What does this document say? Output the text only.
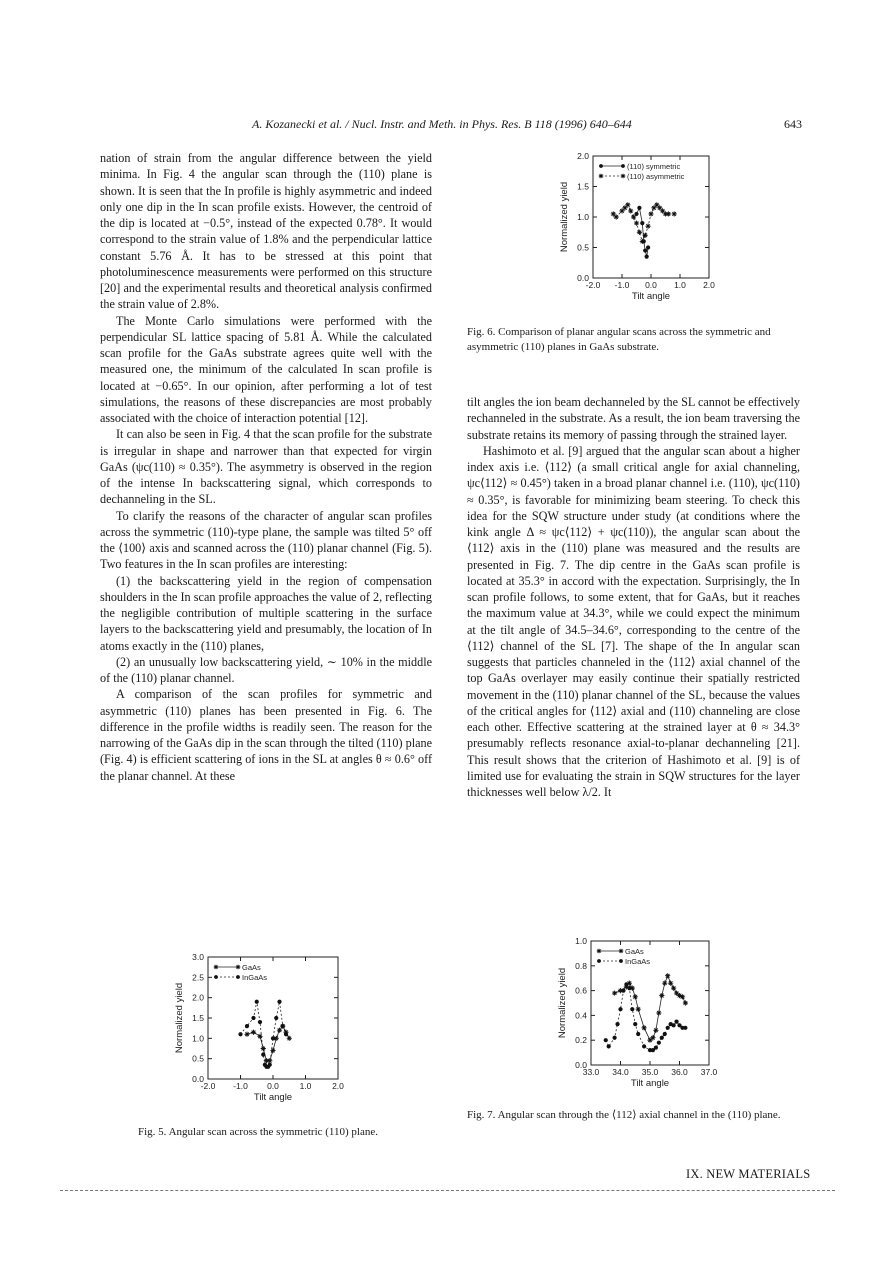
A. Kozanecki et al. / Nucl. Instr. and Meth. in Phys. Res. B 118 (1996) 640–644	643

nation of strain from the angular difference between the yield minima. In Fig. 4 the angular scan through the (110) plane is shown. It is seen that the In profile is highly asymmetric and indeed only one dip in the In scan profile exists. However, the centroid of the dip is located at −0.5°, instead of the expected 0.78°. It would correspond to the strain value of 1.8% and the perpendicular lattice constant 5.76 Å. It has to be stressed at this point that photoluminescence measurements were performed on this structure [20] and the experimental results and theoretical analysis confirmed the strain value of 2.8%.

The Monte Carlo simulations were performed with the perpendicular SL lattice spacing of 5.81 Å. While the calculated scan profile for the GaAs substrate agrees quite well with the measured one, the minimum of the calculated In scan profile is located at −0.65°. In our opinion, after performing a lot of test simulations, the reasons of these discrepancies are most probably associated with the choice of interaction potential [12].

It can also be seen in Fig. 4 that the scan profile for the substrate is irregular in shape and narrower than that expected for virgin GaAs (ψc(110) ≈ 0.35°). The asymmetry is observed in the region of the intense In backscattering signal, which corresponds to dechanneling in the SL.

To clarify the reasons of the character of angular scan profiles across the symmetric (110)-type plane, the sample was tilted 5° off the ⟨100⟩ axis and scanned across the (110) planar channel (Fig. 5). Two features in the In scan profiles are interesting:

(1) the backscattering yield in the region of compensation shoulders in the In scan profile approaches the value of 2, reflecting the negligible contribution of multiple scattering in the surface layers to the backscattering yield and presumably, the location of In atoms exactly in the (110) planes,

(2) an unusually low backscattering yield, ∼ 10% in the middle of the (110) planar channel.

A comparison of the scan profiles for symmetric and asymmetric (110) planes has been presented in Fig. 6. The difference in the profile widths is readily seen. The reason for the narrowing of the GaAs dip in the scan through the tilted (110) plane (Fig. 4) is efficient scattering of ions in the SL at angles θ ≈ 0.6° off the planar channel. At these

0.0
0.5
1.0
1.5
2.0
-2.0 -1.0 0.0 1.0 2.0
Tilt angle
Normalized yield
(110) symmetric
(110) asymmetric
Fig. 6. Comparison of planar angular scans across the symmetric and asymmetric (110) planes in GaAs substrate.

tilt angles the ion beam dechanneled by the SL cannot be effectively rechanneled in the substrate. As a result, the ion beam traversing the substrate retains its memory of passing through the strained layer.

Hashimoto et al. [9] argued that the angular scan about a higher index axis i.e. ⟨112⟩ (a small critical angle for axial channeling, ψc⟨112⟩ ≈ 0.45°) taken in a broad planar channel i.e. (110), ψc(110) ≈ 0.35°, is favorable for minimizing beam steering. To check this idea for the SQW structure under study (at conditions where the kink angle Δ ≈ ψc⟨112⟩ + ψc(110)), the angular scan about the ⟨112⟩ axis in the (110) plane was measured and the results are presented in Fig. 7. The dip centre in the GaAs scan profile is located at 35.3° in accord with the expectation. Surprisingly, the In scan profile follows, to some extent, that for GaAs, but it reaches the maximum value at 34.3°, while we could expect the minimum at the tilt angle of 34.5–34.6°, corresponding to the centre of the ⟨112⟩ channel of the SL [7]. The shape of the In angular scan suggests that particles channeled in the ⟨112⟩ axial channel of the top GaAs overlayer may easily continue their spatially restricted movement in the (110) planar channel of the SL, because the values of the critical angles for ⟨112⟩ axial and (110) channeling are close each other. Effective scattering at the strained layer at θ ≈ 34.3° presumably reflects resonance axial-to-planar dechanneling [21]. This result shows that the criterion of Hashimoto et al. [9] is of limited use for evaluating the strain in SQW structures for the layer thicknesses well below λ/2. It

0.0
0.5
1.0
1.5
2.0
2.5
3.0
-2.0 -1.0 0.0 1.0 2.0
Tilt angle
Normalized yield
GaAs
InGaAs
Fig. 5. Angular scan across the symmetric (110) plane.
0.0
0.2
0.4
0.6
0.8
1.0
33.0 34.0 35.0 36.0 37.0
Tilt angle
Normalized yield
GaAs
InGaAs
Fig. 7. Angular scan through the ⟨112⟩ axial channel in the (110) plane.
IX. NEW MATERIALS
